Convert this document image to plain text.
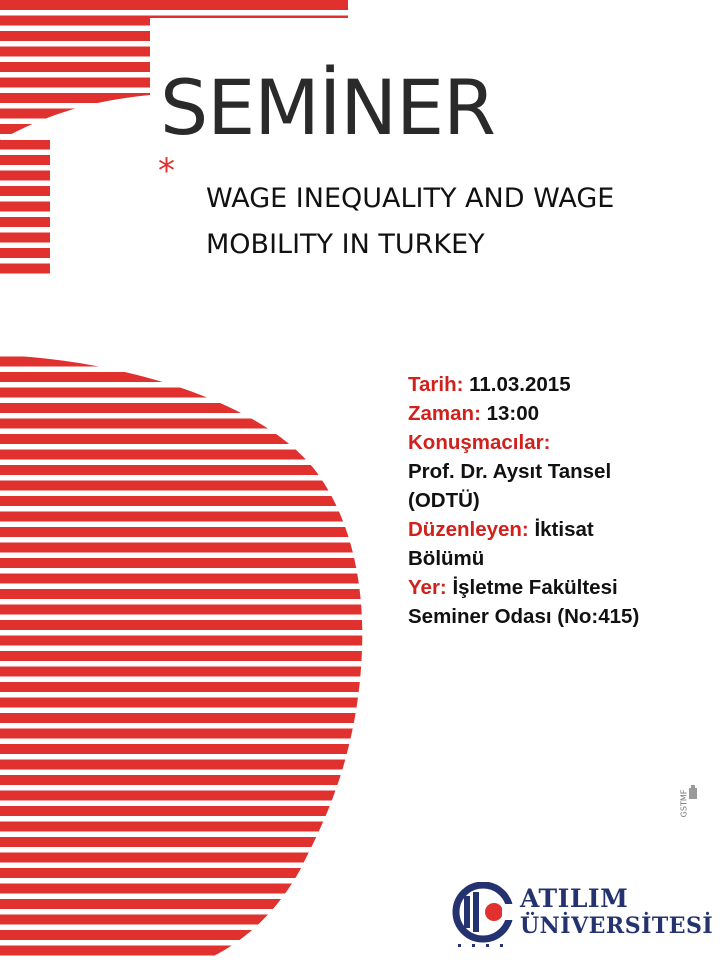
SEMİNER
*
WAGE INEQUALITY AND WAGE
MOBILITY IN TURKEY
Tarih: 11.03.2015
Zaman: 13:00
Konuşmacılar:
Prof. Dr. Aysıt Tansel
(ODTÜ)
Düzenleyen: İktisat
Bölümü
Yer: İşletme Fakültesi
Seminer Odası (No:415)
GSTMF
ATILIM
ÜNİVERSİTESİ
